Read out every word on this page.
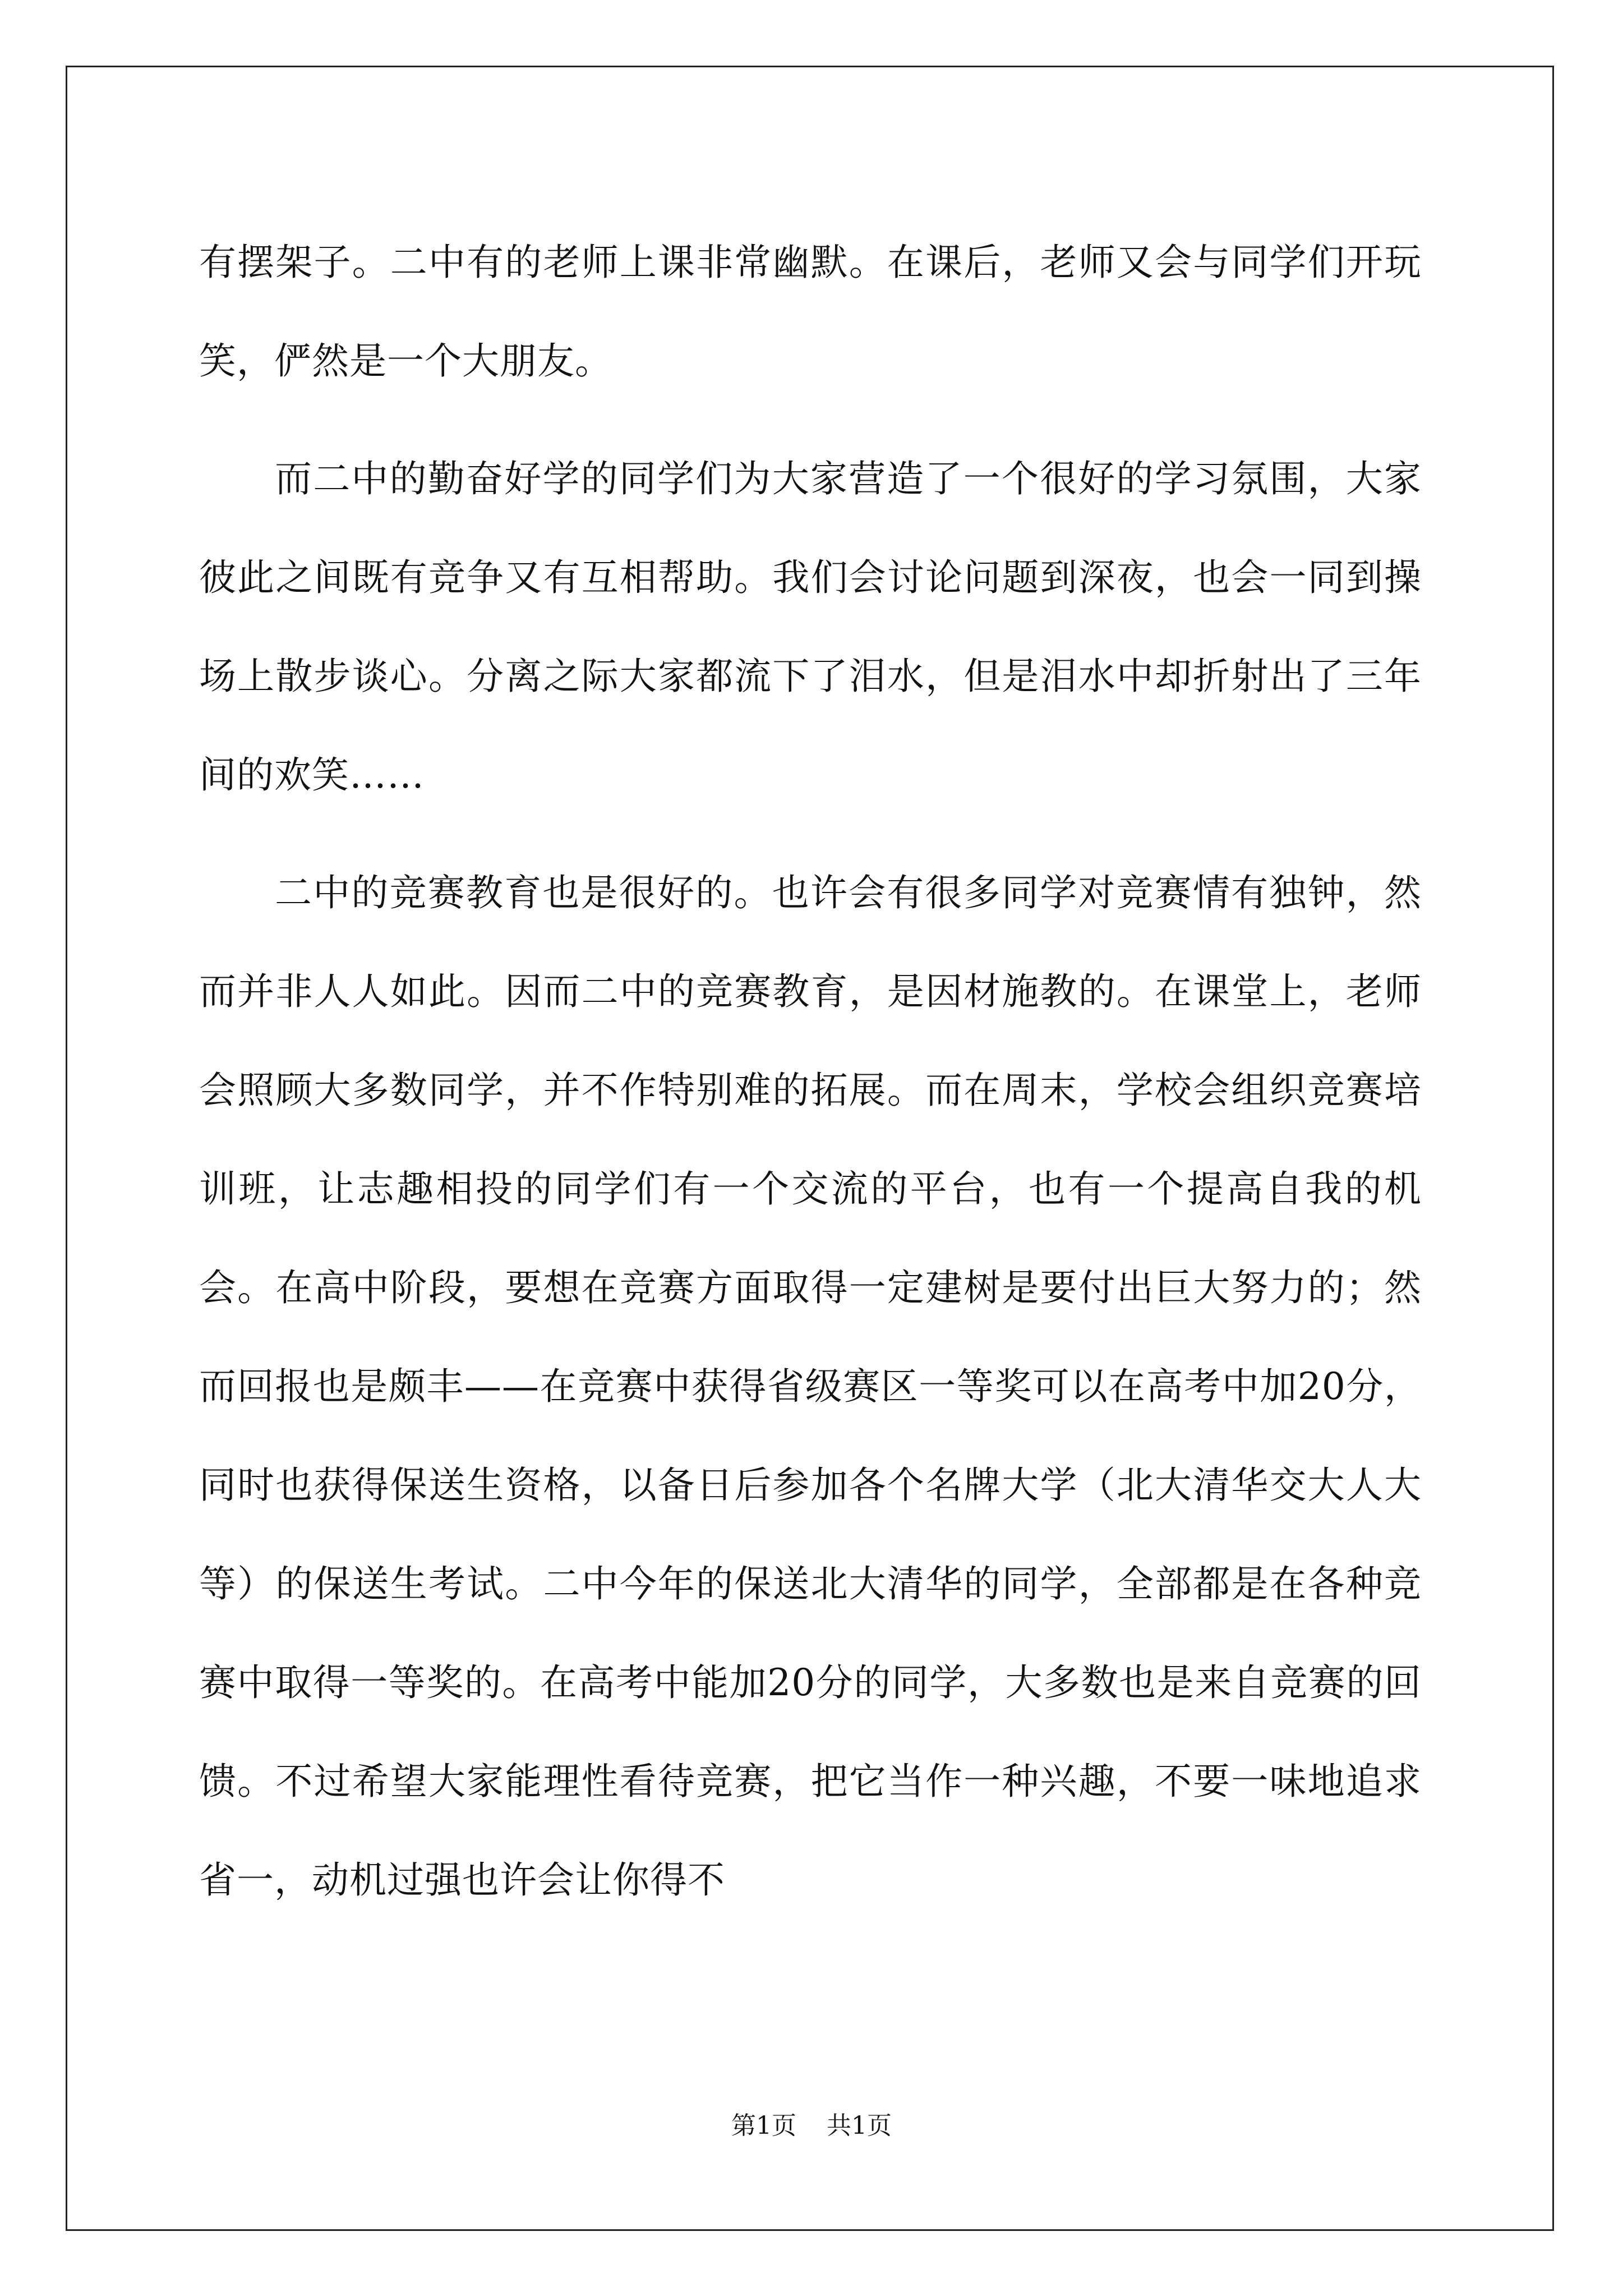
有摆架子。二中有的老师上课非常幽默。在课后，老师又会与同学们开玩笑，俨然是一个大朋友。

而二中的勤奋好学的同学们为大家营造了一个很好的学习氛围，大家彼此之间既有竞争又有互相帮助。我们会讨论问题到深夜，也会一同到操场上散步谈心。分离之际大家都流下了泪水，但是泪水中却折射出了三年间的欢笑……

二中的竞赛教育也是很好的。也许会有很多同学对竞赛情有独钟，然而并非人人如此。因而二中的竞赛教育，是因材施教的。在课堂上，老师会照顾大多数同学，并不作特别难的拓展。而在周末，学校会组织竞赛培训班，让志趣相投的同学们有一个交流的平台，也有一个提高自我的机会。在高中阶段，要想在竞赛方面取得一定建树是要付出巨大努力的；然而回报也是颇丰——在竞赛中获得省级赛区一等奖可以在高考中加20分，同时也获得保送生资格，以备日后参加各个名牌大学（北大清华交大人大等）的保送生考试。二中今年的保送北大清华的同学，全部都是在各种竞赛中取得一等奖的。在高考中能加20分的同学，大多数也是来自竞赛的回馈。不过希望大家能理性看待竞赛，把它当作一种兴趣，不要一味地追求省一，动机过强也许会让你得不

第1页 共1页
